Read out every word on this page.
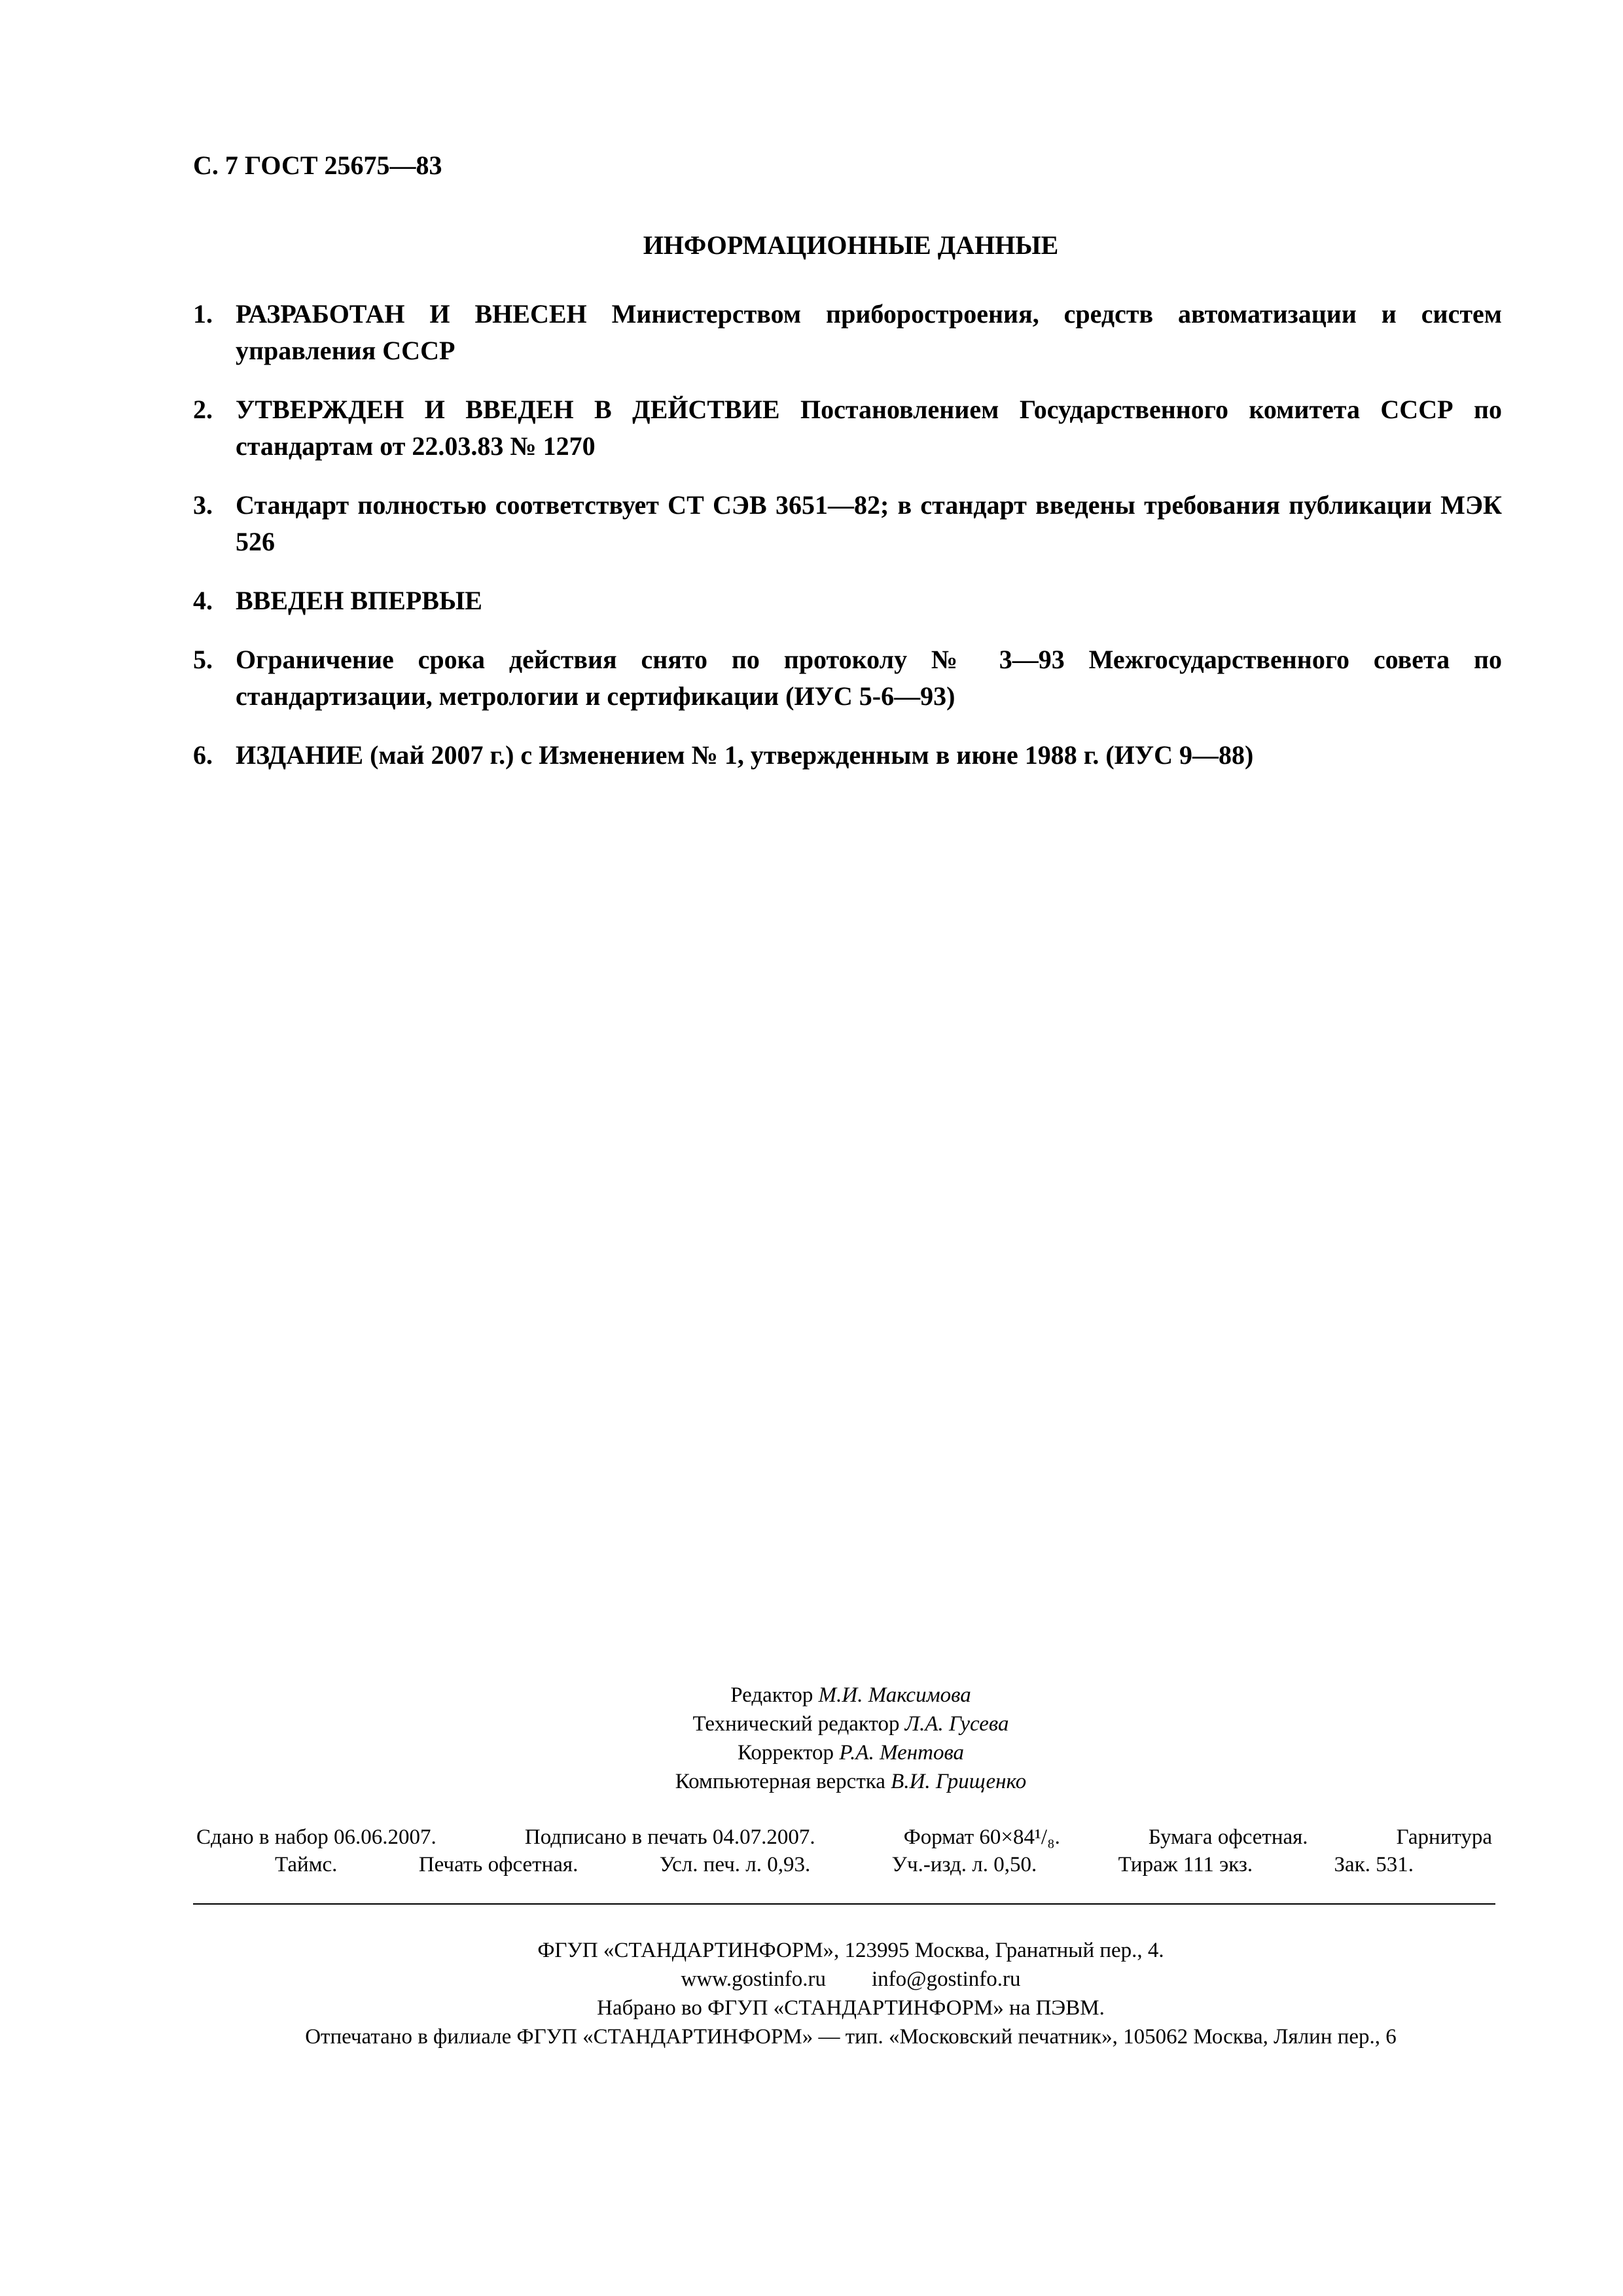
С. 7 ГОСТ 25675—83
ИНФОРМАЦИОННЫЕ ДАННЫЕ
1. РАЗРАБОТАН И ВНЕСЕН Министерством приборостроения, средств автоматизации и систем управления СССР
2. УТВЕРЖДЕН И ВВЕДЕН В ДЕЙСТВИЕ Постановлением Государственного комитета СССР по стандартам от 22.03.83 № 1270
3. Стандарт полностью соответствует СТ СЭВ 3651—82; в стандарт введены требования публикации МЭК 526
4. ВВЕДЕН ВПЕРВЫЕ
5. Ограничение срока действия снято по протоколу № 3—93 Межгосударственного совета по стандартизации, метрологии и сертификации (ИУС 5-6—93)
6. ИЗДАНИЕ (май 2007 г.) с Изменением № 1, утвержденным в июне 1988 г. (ИУС 9—88)
Редактор М.И. Максимова
Технический редактор Л.А. Гусева
Корректор Р.А. Ментова
Компьютерная верстка В.И. Грищенко
Сдано в набор 06.06.2007.	Подписано в печать 04.07.2007.	Формат 60×84¹/₈.	Бумага офсетная.	Гарнитура
Таймс.	Печать офсетная.	Усл. печ. л. 0,93.	Уч.-изд. л. 0,50.	Тираж 111 экз.	Зак. 531.
ФГУП «СТАНДАРТИНФОРМ», 123995 Москва, Гранатный пер., 4.
www.gostinfo.ru info@gostinfo.ru
Набрано во ФГУП «СТАНДАРТИНФОРМ» на ПЭВМ.
Отпечатано в филиале ФГУП «СТАНДАРТИНФОРМ» — тип. «Московский печатник», 105062 Москва, Лялин пер., 6
